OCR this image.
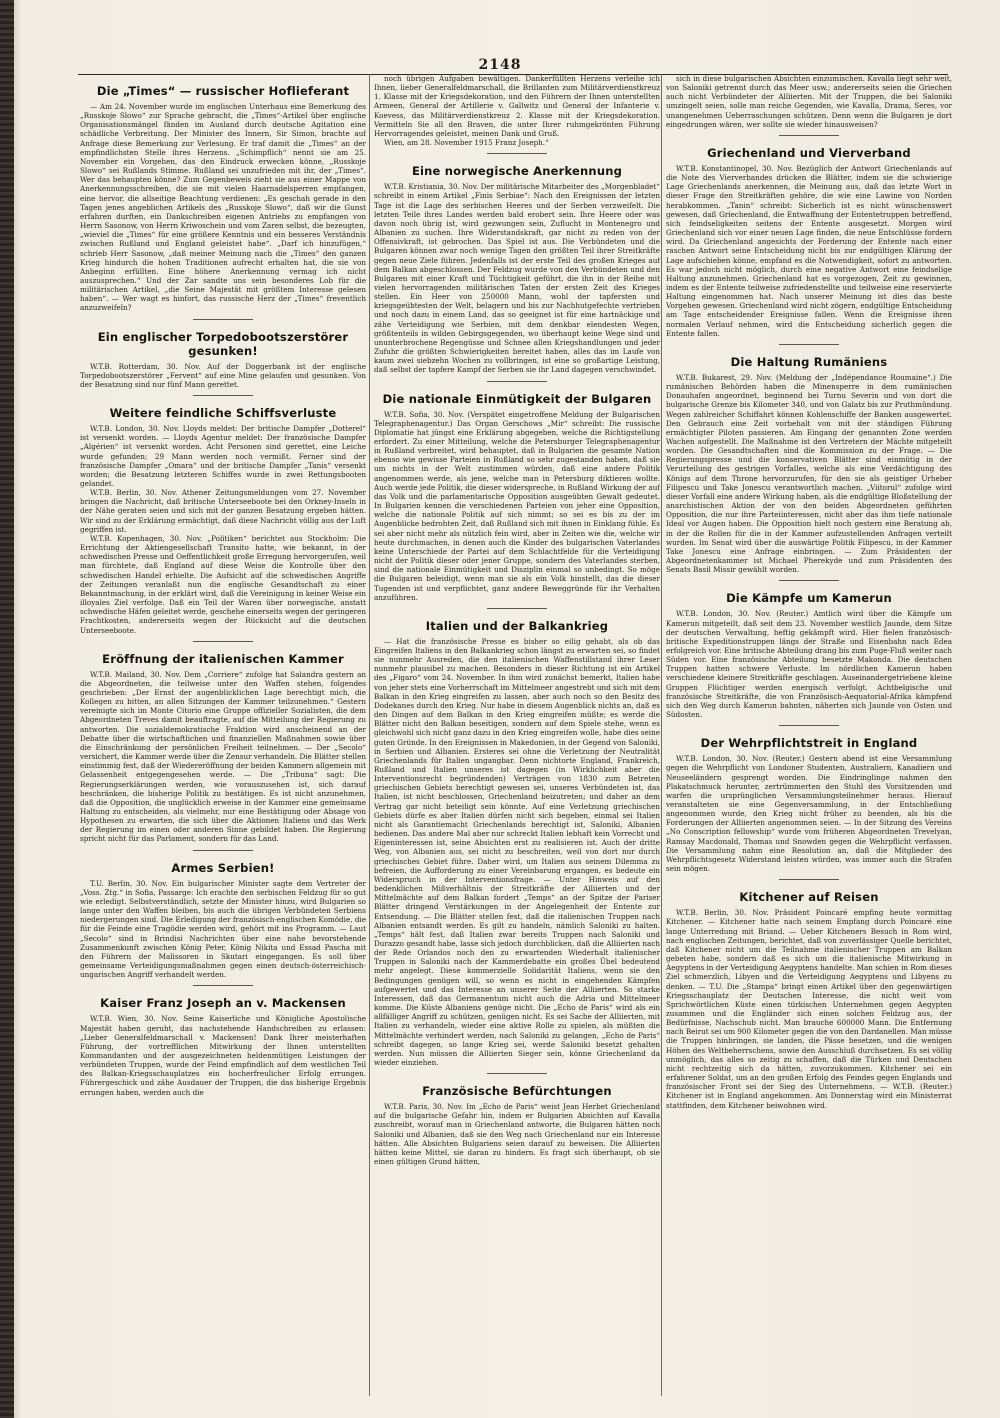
2148
Die „Times“ — russischer Hoflieferant

— Am 24. November wurde im englischen Unterhaus eine Bemerkung des „Russkoje Slowo“ zur Sprache gebracht, die „Times“-Artikel über englische Organisationsmängel fänden im Ausland durch deutsche Agitation eine schädliche Verbreitung. Der Minister des Innern, Sir Simon, brachte auf Anfrage diese Bemerkung zur Verlesung. Er traf damit die „Times“ an der empfindlichsten Stelle ihres Herzens. „Schimpflich“ nennt sie am 25. November ein Vorgehen, das den Eindruck erwecken könne, „Russkoje Slowo“ sei Rußlands Stimme. Rußland sei unzufrieden mit ihr, der „Times“. Wer das behaupten könne? Zum Gegenbeweis zieht sie aus einer Mappe von Anerkennungsschreiben, die sie mit vielen Haarnadelsperren empfangen, eine hervor, die allseitige Beachtung verdienen: „Es geschah gerade in den Tagen jenes angeblichen Artikels des „Russkoje Slowo“, daß wir die Gunst erfahren durften, ein Dankschreiben eigenen Antriebs zu empfangen von Herrn Sasonow, von Herrn Kriwoschein und vom Zaren selbst, die bezeugten, „wieviel die „Times“ für eine größere Kenntnis und ein besseres Verständnis zwischen Rußland und England geleistet habe“. „Darf ich hinzufügen,“ schrieb Herr Sasonow, „daß meiner Meinung nach die „Times“ den ganzen Krieg hindurch die hohen Traditionen aufrecht erhalten hat, die sie von Anbeginn erfüllten. Eine höhere Anerkennung vermag ich nicht auszusprechen.“ Und der Zar sandte uns sein besonderes Lob für die militärischen Artikel, „die Seine Majestät mit größtem Interesse gelesen haben“. — Wer wagt es hinfort, das russische Herz der „Times“ freventlich anzuzweifeln?

Ein englischer Torpedobootszerstörer gesunken!

W.T.B. Rotterdam, 30. Nov. Auf der Doggerbank ist der englische Torpedobootszerstörer „Fervent“ auf eine Mine gelaufen und gesunken. Von der Besatzung sind nur fünf Mann gerettet.

Weitere feindliche Schiffsverluste

W.T.B. London, 30. Nov. Lloyds meldet: Der britische Dampfer „Dotterel“ ist versenkt worden. — Lloyds Agentur meldet: Der französische Dampfer „Algérien“ ist versenkt worden. Acht Personen sind gerettet, eine Leiche wurde gefunden; 29 Mann werden noch vermißt. Ferner sind der französische Dampfer „Omara“ und der britische Dampfer „Tanis“ versenkt worden; die Besatzung letzteren Schiffes wurde in zwei Rettungsbooten gelandet.

W.T.B. Berlin, 30. Nov. Athener Zeitungsmeldungen vom 27. November bringen die Nachricht, daß britische Unterseeboote bei den Orkney-Inseln in der Nähe geraten seien und sich mit der ganzen Besatzung ergeben hätten. Wir sind zu der Erklärung ermächtigt, daß diese Nachricht völlig aus der Luft gegriffen ist.

W.T.B. Kopenhagen, 30. Nov. „Politiken“ berichtet aus Stockholm: Die Errichtung der Aktiengesellschaft Transito hatte, wie bekannt, in der schwedischen Presse und Oeffentlichkeit große Erregung hervorgerufen, weil man fürchtete, daß England auf diese Weise die Kontrolle über den schwedischen Handel erhielte. Die Aufsicht auf die schwedischen Angriffe der Zeitungen veranlaßt nun die englische Gesandtschaft zu einer Bekanntmachung, in der erklärt wird, daß die Vereinigung in keiner Weise ein illoyales Ziel verfolge. Daß ein Teil der Waren über norwegische, anstatt schwedische Häfen geleitet werde, geschehe einerseits wegen der geringeren Frachtkosten, andererseits wegen der Rücksicht auf die deutschen Unterseeboote.

Eröffnung der italienischen Kammer

W.T.B. Mailand, 30. Nov. Dem „Corriere“ zufolge hat Salandra gestern an die Abgeordneten, die teilweise unter den Waffen stehen, folgendes geschrieben: „Der Ernst der augenblicklichen Lage berechtigt mich, die Kollegen zu bitten, an allen Sitzungen der Kammer teilzunehmen.“ Gestern vereinigte sich im Monte Citorio eine Gruppe offizieller Sozialisten, die dem Abgeordneten Treves damit beauftragte, auf die Mitteilung der Regierung zu antworten. Die sozialdemokratische Fraktion wird anscheinend an der Debatte über die wirtschaftlichen und finanziellen Maßnahmen sowie über die Einschränkung der persönlichen Freiheit teilnehmen. — Der „Secolo“ versichert, die Kammer werde über die Zensur verhandeln. Die Blätter stellen einstimmig fest, daß der Wiedereröffnung der beiden Kammern allgemein mit Gelassenheit entgegengesehen werde. — Die „Tribuna“ sagt: Die Regierungserklärungen werden, wie vorauszusehen ist, sich darauf beschränken, die bisherige Politik zu bestätigen. Es ist nicht anzunehmen, daß die Opposition, die unglücklich erweise in der Kammer eine gemeinsame Haltung zu entscheiden, als vielmehr, nur eine Bestätigung oder Absage von Hypothesen zu erwarten, die sich über die Aktionen Italiens und das Werk der Regierung im einen oder anderen Sinne gebildet haben. Die Regierung spricht nicht für das Parlament, sondern für das Land.

Armes Serbien!

T.U. Berlin, 30. Nov. Ein bulgarischer Minister sagte dem Vertreter der „Voss. Ztg.“ in Sofia, Passarge: Ich erachte den serbischen Feldzug für so gut wie erledigt. Selbstverständlich, setzte der Minister hinzu, wird Bulgarien so lange unter den Waffen bleiben, bis auch die übrigen Verbündeten Serbiens niedergerungen sind. Die Erledigung der französisch-englischen Komödie, die für die Feinde eine Tragödie werden wird, gehört mit ins Programm. — Laut „Secolo“ sind in Brindisi Nachrichten über eine nahe bevorstehende Zusammenkunft zwischen König Peter, König Nikita und Essad Pascha mit den Führern der Malissoren in Skutari eingegangen. Es soll über gemeinsame Verteidigungsmaßnahmen gegen einen deutsch-österreichisch-ungarischen Angriff verhandelt werden.

Kaiser Franz Joseph an v. Mackensen

W.T.B. Wien, 30. Nov. Seine Kaiserliche und Königliche Apostolische Majestät haben geruht, das nachstehende Handschreiben zu erlassen: „Lieber Generalfeldmarschall v. Mackensen! Dank Ihrer meisterhaften Führung, der vortrefflichen Mitwirkung der Ihnen unterstellten Kommandanten und der ausgezeichneten heldenmütigen Leistungen der verbündeten Truppen, wurde der Feind empfindlich auf dem westlichen Teil des Balkan-Kriegsschauplatzes ein hocherfreulicher Erfolg errungen. Führergeschick und zähe Ausdauer der Truppen, die das bisherige Ergebnis errungen haben, werden auch die

noch übrigen Aufgaben bewältigen. Dankerfüllten Herzens verleihe ich Ihnen, lieber Generalfeldmarschall, die Brillanten zum Militärverdienstkreuz 1. Klasse mit der Kriegsdekoration, und den Führern der Ihnen unterstellten Armeen, General der Artillerie v. Gallwitz und General der Infanterie v. Koevess, das Militärverdienstkreuz 2. Klasse mit der Kriegsdekoration. Vermitteln Sie all den Braven, die unter Ihrer ruhmgekrönten Führung Hervorragendes geleistet, meinen Dank und Gruß.

Wien, am 28. November 1915 Franz Joseph.“

Eine norwegische Anerkennung

W.T.B. Kristiania, 30. Nov. Der militärische Mitarbeiter des „Morgenbladet“ schreibt in einem Artikel „Finis Serbiae“: Nach den Ereignissen der letzten Tage ist die Lage des serbischen Heeres und der Serben verzweifelt. Die letzten Teile ihres Landes werden bald erobert sein. Ihre Heere oder was davon noch übrig ist, wird gezwungen sein, Zuflucht in Montenegro und Albanien zu suchen. Ihre Widerstandskraft, gar nicht zu reden von der Offensivkraft, ist gebrochen. Das Spiel ist aus. Die Verbündeten und die Bulgaren können zwar noch wenige Tagen den größten Teil ihrer Streitkräfte gegen neue Ziele führen. Jedenfalls ist der erste Teil des großen Krieges auf dem Balkan abgeschlossen. Der Feldzug wurde von den Verbündeten und den Bulgaren mit einer Kraft und Tüchtigkeit geführt, die ihn in der Reihe mit vielen hervorragenden militärischen Taten der ersten Zeit des Krieges stellen. Ein Heer von 250000 Mann, wohl der tapfersten und kriegsgeübtesten der Welt, belagern und bis zur Nachhutgefechte vertrieben und noch dazu in einem Land, das so geeignet ist für eine hartnäckige und zähe Verteidigung wie Serbien, mit dem denkbar elendesten Wegen, größtenteils in wilden Gebirgsgegenden, wo überhaupt keine Wege sind und ununterbrochene Regengüsse und Schnee allen Kriegshandlungen und jeder Zufuhr die größten Schwierigkeiten bereitet haben, alles das im Laufe von kaum zwei siebzehn Wochen zu vollbringen, ist eine so großartige Leistung, daß selbst der tapfere Kampf der Serben sie ihr Land dagegen verschwindet.

Die nationale Einmütigkeit der Bulgaren

W.T.B. Sofia, 30. Nov. (Verspätet eingetroffene Meldung der Bulgarischen Telegraphenagentur.) Das Organ Gerschows „Mir“ schreibt: Die russische Diplomatie hat jüngst eine Erklärung abgegeben, welche die Richtigstellung erfordert. Zu einer Mitteilung, welche die Petersburger Telegraphenagentur in Rußland verbreitet, wird behauptet, daß in Bulgarien die gesamte Nation ebenso wie gewisse Parteien in Rußland so sehr zugestanden haben, daß sie um nichts in der Welt zustimmen würden, daß eine andere Politik angenommen werde, als jene, welche man in Petersburg diktieren wollte. Auch werde jede Politik, die dieser widerspreche, in Rußland Wirkung der auf das Volk und die parlamentarische Opposition ausgeübten Gewalt gedeutet. In Bulgarien kennen die verschiedenen Parteien von jeher eine Opposition, welche die nationale Politik auf sich nimmt; so sei es bis zu der im Augenblicke bedrohten Zeit, daß Rußland sich mit ihnen in Einklang fühle. Es sei aber nicht mehr als nützlich fein wird, aber in Zeiten wie die, welche wir heute durchmachen, in denen auch die Kinder des bulgarischen Vaterlandes keine Unterschiede der Partei auf dem Schlachtfelde für die Verteidigung nicht der Politik dieser oder jener Gruppe, sondern des Vaterlandes sterben, sind die nationale Einmütigkeit und Disziplin einmal so unbedingt. So möge die Bulgaren beleidigt, wenn man sie als ein Volk hinstellt, das die dieser Tugenden ist und verpflichtet, ganz andere Beweggründe für ihr Verhalten anzuführen.

Italien und der Balkankrieg

— Hat die französische Presse es bisher so eilig gehabt, als ob das Eingreifen Italiens in den Balkankrieg schon längst zu erwarten sei, so findet sie nunmehr Ausreden, die den italienischen Waffenstillstand ihrer Leser nunmehr plausibel zu machen. Besonders in dieser Richtung ist ein Artikel des „Figaro“ vom 24. November. In ihm wird zunächst bemerkt, Italien habe von jeher stets eine Vorherrschaft im Mittelmeer angestrebt und sich mit dem Balkan in den Krieg eingreifen zu lassen, aber auch noch so den Besitz des Dodekanes durch den Krieg. Nur habe in diesem Augenblick nichts an, daß es den Dingen auf dem Balkan in den Krieg eingreifen müßte; es werde die Blätter nicht den Balkan beseitigen, sondern auf dem Spiele stehe, wenn es gleichwohl sich nicht ganz dazu in den Krieg eingreifen wolle, habe dies seine guten Gründe. In den Ereignissen in Makedonien, in der Gegend von Saloniki, in Serbien und Albanien. Ersteres sei ohne die Verletzung der Neutralität Griechenlands für Italien ungangbar. Denn nichtorte England, Frankreich, Rußland und Italien unseres ist dagegen (in Wirklichkeit aber die Interventionsrecht begründenden) Verträgen von 1830 zum Betreten griechischen Gebiets berechtigt gewesen sei, unseres Verbündeten ist, das Italien, ist nicht beschlossen, Griechenland beizutreten; und daher an dem Vertrag gar nicht beteiligt sein könnte. Auf eine Verletzung griechischen Gebiets dürfe es aber Italien dürfen nicht sich begeben, einmal sei Italien nicht als Garantiemacht Griechenlands berechtigt ist, Saloniki, Albanien bedienen. Das andere Mal aber nur schreckt Italien lebhaft kein Vorrecht und Eigeninteressen ist, seine Absichten erst zu realisieren ist. Auch der dritte Weg, von Albanien aus, sei nicht zu beschreiten, weil von dort nur durch griechisches Gebiet führe. Daher wird, um Italien aus seinem Dilemma zu befreien, die Aufforderung zu einer Vereinbarung ergangen, es bedeute ein Widerspruch in der Interventionsfrage. — Unter Hinweis auf den bedenklichen Mißverhältnis der Streitkräfte der Alliierten und der Mittelmächte auf dem Balkan fordert „Temps“ an der Spitze der Pariser Blätter dringend Verstärkungen in der Angelegenheit der Entente zur Entsendung. — Die Blätter stellen fest, daß die italienischen Truppen nach Albanien entsandt werden. Es gilt zu handeln, nämlich Saloniki zu halten. „Temps“ hält fest, daß Italien zwar bereits Truppen nach Saloniki und Durazzo gesandt habe, lasse sich jedoch durchblicken, daß die Alliierten nach der Rede Orlandos noch den zu erwartenden Wiederhalt italienischer Truppen in Saloniki nach der Kammerdebatte ein großes Übel bedeutend mehr angelegt. Diese kommerzielle Solidarität Italiens, wenn sie den Bedingungen genügen will, so wenn es nicht in eingehenden Kämpfen aufgewertet und das Interesse an unserer Seite der Alliierten. So starke Interessen, daß das Germanentum nicht auch die Adria und Mittelmeer komme. Die Küste Albaniens genüge nicht. Die „Echo de Paris“ wird als ein allfälliger Angriff zu schützen, genügen nicht. Es sei Sache der Alliierten, mit Italien zu verhandeln, wieder eine aktive Rolle zu spielen, als müßten die Mittelmächte verhindert werden, nach Saloniki zu gelangen, „Echo de Paris“ schreibt dagegen, so lange Krieg sei, werde Saloniki besetzt gehalten werden. Nun müssen die Alliierten Sieger sein, könne Griechenland da wieder einziehen.

Französische Befürchtungen

W.T.B. Paris, 30. Nov. Im „Echo de Paris“ weist Jean Herbet Griechenland auf die bulgarische Gefahr hin, indem er Bulgarien Absichten auf Kavalla zuschreibt, worauf man in Griechenland antworte, die Bulgaren hätten noch Saloniki und Albanien, daß sie den Weg nach Griechenland nur ein Interesse hätten. Alle Absichten Bulgariens seien darauf zu beweisen. Die Alliierten hätten keine Mittel, sie daran zu hindern. Es fragt sich überhaupt, ob sie einen gültigen Grund hätten,

sich in diese bulgarischen Absichten einzumischen. Kavalla liegt sehr weit, von Saloniki getrennt durch das Meer usw.; andererseits seien die Griechen auch nicht Verbündeter der Alliierten. Mit der Truppen, die bei Saloniki umzingelt seien, solle man reiche Gegenden, wie Kavalla, Drama, Seres, vor unangenehmen Ueberraschungen schützen. Denn wenn die Bulgaren je dort eingedrungen wären, wer sollte sie wieder hinausweisen?

Griechenland und Vierverband

W.T.B. Konstantinopel, 30. Nov. Bezüglich der Antwort Griechenlands auf die Note des Vierverbandes drücken die Blätter, indem sie die schwierige Lage Griechenlands anerkennen, die Meinung aus, daß das letzte Wort in dieser Frage den Streitkräften gehöre, die wie eine Lawine von Norden herabkommen. „Tanin“ schreibt: Sicherlich ist es nicht wünschenswert gewesen, daß Griechenland, die Entwaffnung der Ententetruppen betreffend, sich feindseligkeiten seitens der Entente ausgesetzt. Morgen wird Griechenland sich vor einer neuen Lage finden, die neue Entschlüsse fordern wird. Da Griechenland angesichts der Forderung der Entente nach einer raschen Antwort seine Entscheidung nicht bis zur endgültigen Klärung der Lage aufschieben könne, empfand es die Notwendigkeit, sofort zu antworten. Es war jedoch nicht möglich, durch eine negative Antwort eine feindselige Haltung anzunehmen. Griechenland hat es vorgezogen, Zeit zu gewinnen, indem es der Entente teilweise zufriedenstellte und teilweise eine reservierte Haltung eingenommen hat. Nach unserer Meinung ist dies das beste Vorgehen gewesen. Griechenland wird nicht zögern, endgültige Entscheidung am Tage entscheidender Ereignisse fallen. Wenn die Ereignisse ihren normalen Verlauf nehmen, wird die Entscheidung sicherlich gegen die Entente fallen.

Die Haltung Rumäniens

W.T.B. Bukarest, 29. Nov. (Meldung der „Indépendance Roumaine“.) Die rumänischen Behörden haben die Minensperre in dem rumänischen Donauhafen angeordnet, beginnend bei Turnu Severin und von dort die bulgarische Grenze bis Kilometer 340, und von Galatz bis zur Pruthmündung. Wegen zahlreicher Schiffahrt können Kohlenschiffe der Banken ausgewertet. Den Gebrauch eine Zeit vorbehalt von mit der ständigen Führung ermächtigter Piloten passieren. Am Eingang der genannten Zone werden Wachen aufgestellt. Die Maßnahme ist den Vertretern der Mächte mitgeteilt worden. Die Gesandtschaften sind die Kommission zu der Frage. — Die Regierungspresse und die konservativen Blätter sind einmütig in der Verurteilung des gestrigen Vorfalles, welche als eine Verdächtigung des Königs auf dem Throne hervorzurufen, für den sie als geistiger Urheber Filipescu und Take Jonescu verantwortlich machen. „Viitorul“ zufolge wird dieser Vorfall eine andere Wirkung haben, als die endgültige Bloßstellung der anarchistischen Aktion der von den beiden Abgeordneten geführten Opposition, die nur ihre Parteiinteressen, nicht aber das ihm tiefe nationale Ideal vor Augen haben. Die Opposition hielt noch gestern eine Beratung ab, in der die Rollen für die in der Kammer aufzustellenden Anfragen verteilt wurden. Im Senat wird über die auswärtige Politik Filipescu, in der Kammer Take Jonescu eine Anfrage einbringen. — Zum Präsidenten der Abgeordnetenkammer ist Michael Pherekyde und zum Präsidenten des Senats Basil Missir gewählt worden.

Die Kämpfe um Kamerun

W.T.B. London, 30. Nov. (Reuter.) Amtlich wird über die Kämpfe um Kamerun mitgeteilt, daß seit dem 23. November westlich Jaunde, dem Sitze der deutschen Verwaltung, heftig gekämpft wird. Hier fielen französisch-britische Expeditionstruppen längs der Straße und Eisenbahn nach Edea erfolgreich vor. Eine britische Abteilung drang bis zum Puge-Fluß weiter nach Süden vor. Eine französische Abteilung besetzte Makonda. Die deutschen Truppen hatten schwere Verluste. Im nördlichen Kamerun haben verschiedene kleinere Streitkräfte geschlagen. Auseinandergetriebene kleine Gruppen Flüchtiger werden energisch verfolgt. Achtbelgische und französische Streitkräfte, die von Französisch-Aequatorial-Afrika kämpfend sich den Weg durch Kamerun bahnten, näherten sich Jaunde von Osten und Südosten.

Der Wehrpflichtstreit in England

W.T.B. London, 30. Nov. (Reuter.) Gestern abend ist eine Versammlung gegen die Wehrpflicht von Londoner Studenten, Australiern, Kanadiern und Neuseeländern gesprengt worden. Die Eindringlinge nahmen den Plakatschmuck herunter, zertrümmerten den Stuhl des Vorsitzenden und warfen die ursprünglichen Versammlungsteilnehmer heraus. Hierauf veranstalteten sie eine Gegenversammlung, in der Entschließung angenommen wurde, den Krieg nicht früher zu beenden, als bis die Forderungen der Alliierten angenommen seien. — In der Sitzung des Vereins „No Conscription fellowship“ wurde vom früheren Abgeordneten Trevelyan, Ramsay Macdonald, Thomas und Snowden gegen die Wehrpflicht verfassen. Die Versammlung nahm eine Resolution an, daß die Mitglieder des Wehrpflichtsgesetz Widerstand leisten würden, was immer auch die Strafen sein mögen.

Kitchener auf Reisen

W.T.B. Berlin, 30. Nov. Präsident Poincaré empfing heute vormittag Kitchener. — Kitchener hatte nach seinem Empfang durch Poincaré eine lange Unterredung mit Briand. — Ueber Kitcheners Besuch in Rom wird, nach englischen Zeitungen, berichtet, daß von zuverlässiger Quelle berichtet, daß Kitchener nicht um die Teilnahme italienischer Truppen am Balkan gebeten habe, sondern daß es sich um die italienische Mitwirkung in Aegyptens in der Verteidigung Aegyptens handelte. Man schien in Rom dieses Ziel schmerzlich, Libyen und die Verteidigung Aegyptens und Libyens zu denken. — T.U. Die „Stampa“ bringt einen Artikel über den gegenwärtigen Kriegsschauplatz der Deutschen Interesse, die nicht weit vom Sprichwörtlichen Küste einen türkischen Unternehmen gegen Aegypten zusammen und die Engländer sich einen solchen Feldzug aus, der Bedürfnisse, Nachschub nicht. Man brauche 600000 Mann. Die Entfernung nach Beirut sei um 900 Kilometer gegen die von den Dardanellen. Man müsse die Truppen hinbringen, sie landen, die Pässe besetzen, und die wenigen Höhen des Weltbeherrschens, sowie den Ausschluß durchsetzen. Es sei völlig unmöglich, das alles so zeitig zu schaffen, daß die Türken und Deutschen nicht rechtzeitig sich da hätten, zuvorzukommen. Kitchener sei ein erfahrener Soldat, um an den großen Erfolg des Feindes gegen Englands und französischer Front sei der Sieg des Unternehmens. — W.T.B. (Reuter.) Kitchener ist in England angekommen. Am Donnerstag wird ein Ministerrat stattfinden, dem Kitchener beiwohnen wird.
